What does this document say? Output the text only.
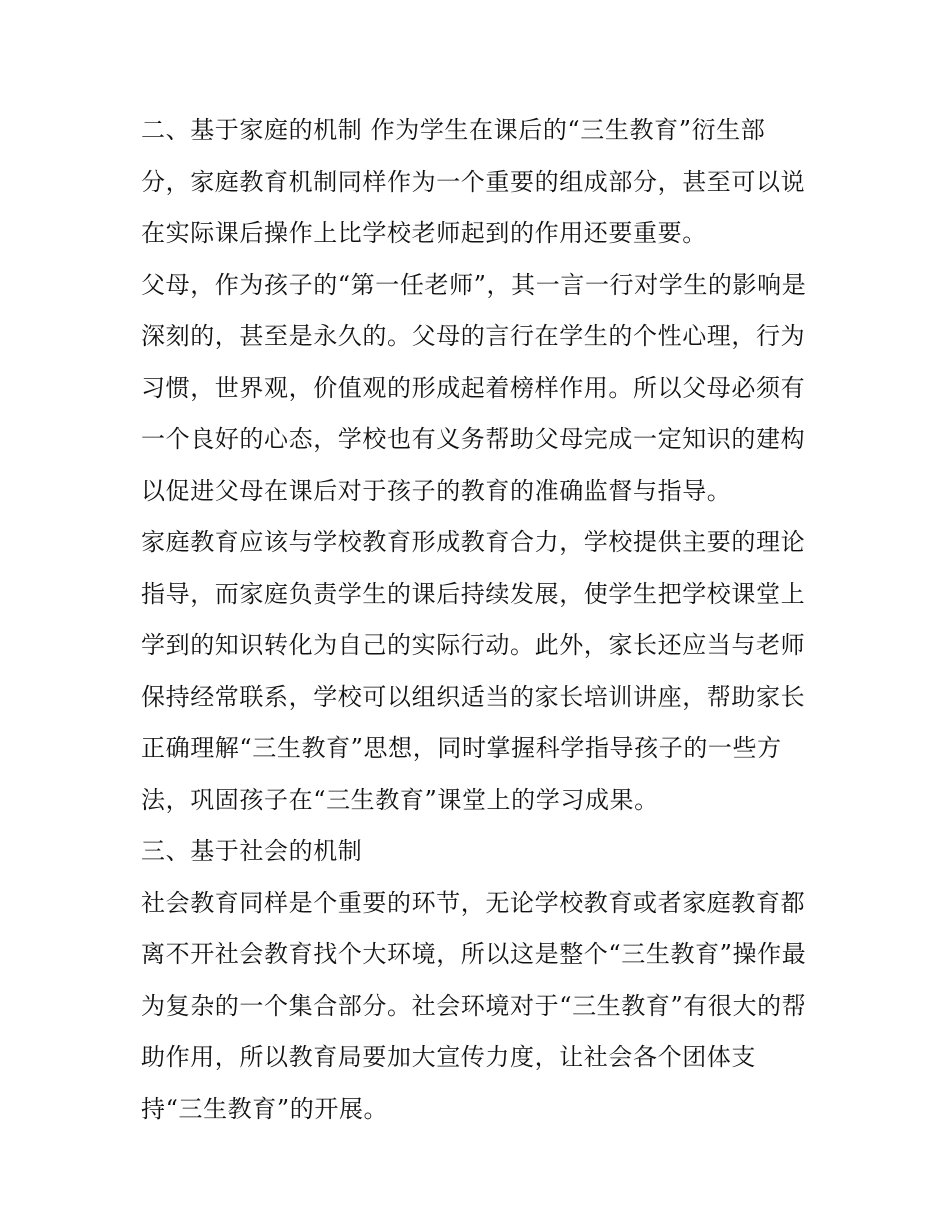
二、基于家庭的机制 作为学生在课后的“三生教育”衍生部
分，家庭教育机制同样作为一个重要的组成部分，甚至可以说
在实际课后操作上比学校老师起到的作用还要重要。
父母，作为孩子的“第一任老师”，其一言一行对学生的影响是
深刻的，甚至是永久的。父母的言行在学生的个性心理，行为
习惯，世界观，价值观的形成起着榜样作用。所以父母必须有
一个良好的心态，学校也有义务帮助父母完成一定知识的建构
以促进父母在课后对于孩子的教育的准确监督与指导。
家庭教育应该与学校教育形成教育合力，学校提供主要的理论
指导，而家庭负责学生的课后持续发展，使学生把学校课堂上
学到的知识转化为自己的实际行动。此外，家长还应当与老师
保持经常联系，学校可以组织适当的家长培训讲座，帮助家长
正确理解“三生教育”思想，同时掌握科学指导孩子的一些方
法，巩固孩子在“三生教育”课堂上的学习成果。
三、基于社会的机制
社会教育同样是个重要的环节，无论学校教育或者家庭教育都
离不开社会教育找个大环境，所以这是整个“三生教育”操作最
为复杂的一个集合部分。社会环境对于“三生教育”有很大的帮
助作用，所以教育局要加大宣传力度，让社会各个团体支
持“三生教育”的开展。
